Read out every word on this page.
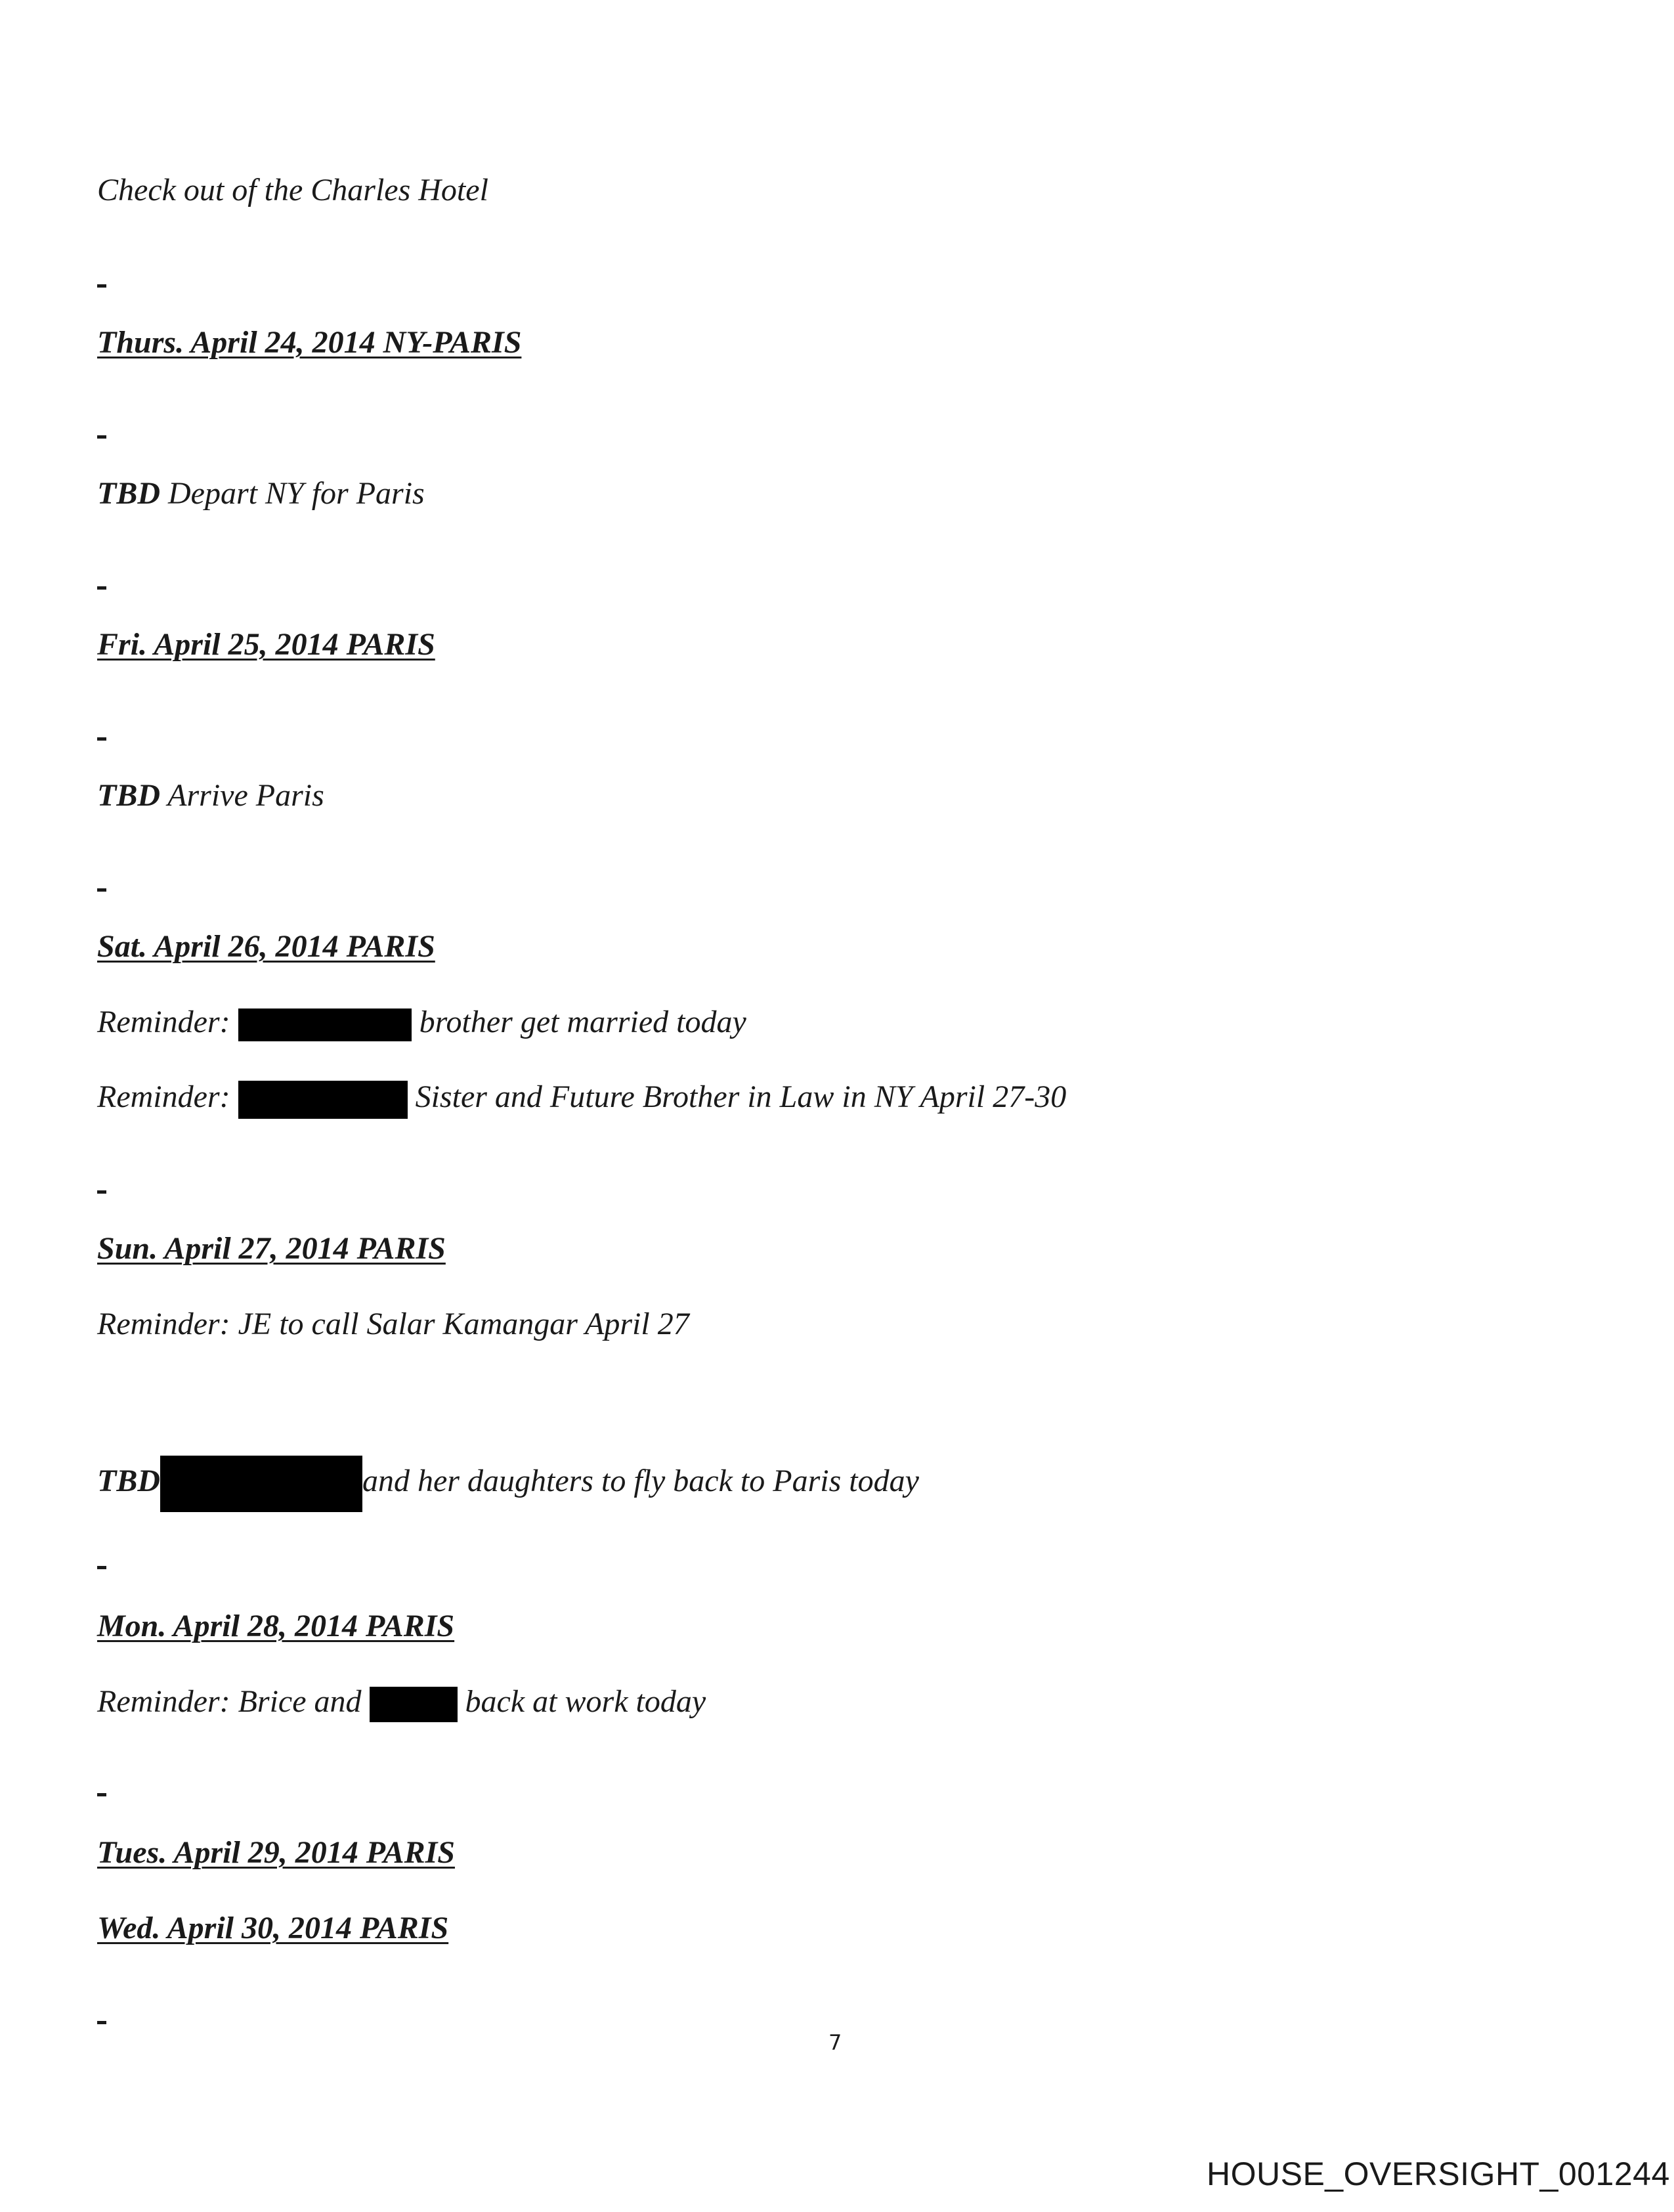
Check out of the Charles Hotel
Thurs. April 24, 2014 NY-PARIS
TBD Depart NY for Paris
Fri. April 25, 2014 PARIS
TBD Arrive Paris
Sat. April 26, 2014 PARIS
Reminder:	brother get married today
Reminder:	Sister and Future Brother in Law in NY April 27-30
Sun. April 27, 2014 PARIS
Reminder: JE to call Salar Kamangar April 27
TBD	and her daughters to fly back to Paris today
Mon. April 28, 2014 PARIS
Reminder: Brice and	back at work today
Tues. April 29, 2014 PARIS
Wed. April 30, 2014 PARIS
7
HOUSE_OVERSIGHT_001244
